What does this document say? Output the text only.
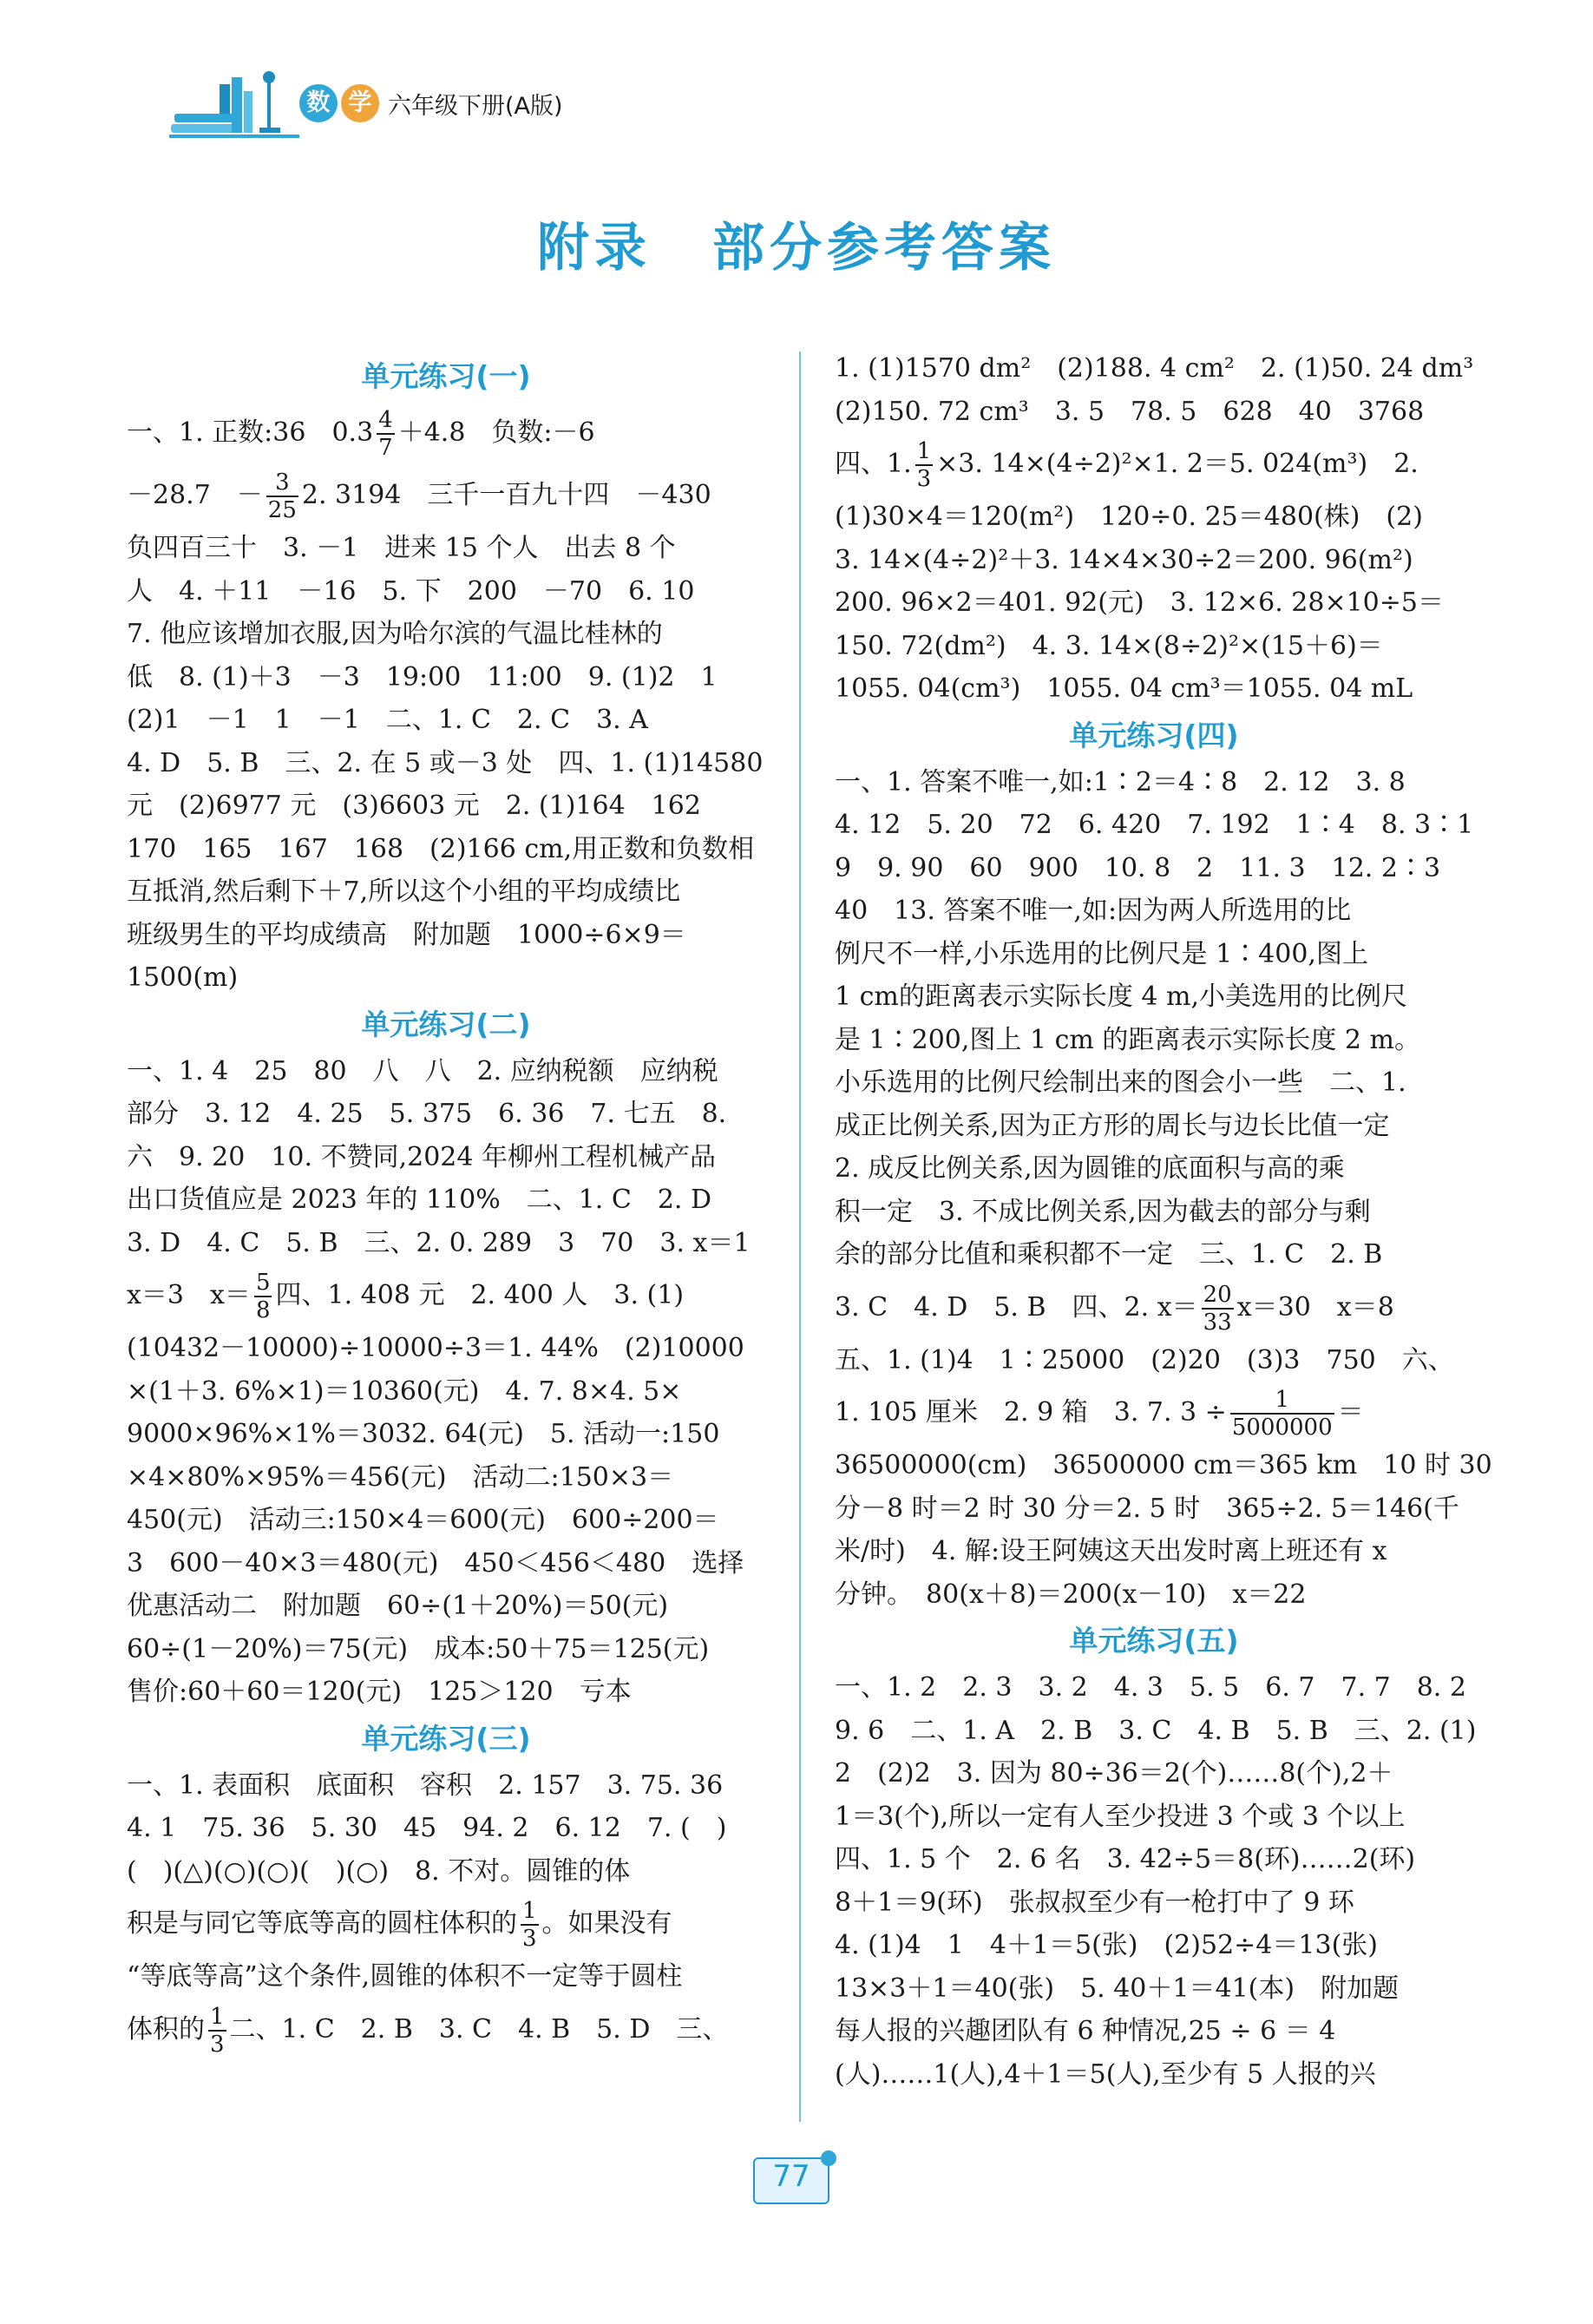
数 学 六年级下册(A版)
附录 部分参考答案
单元练习(一)
一、1. 正数:36　$0.3 \frac{4}{7} +4.8$　负数:－6
－28.7　－ $\frac{3}{25} 2$. 3194　三千一百九十四　－430
负四百三十　3. －1　进来 15 个人　出去 8 个
人　4. ＋11　－16　5. 下　200　－70　6. 10
7. 他应该增加衣服,因为哈尔滨的气温比桂林的
低　8. (1)＋3　－3　19:00　11:00　9. (1)2　1
(2)1　－1　1　－1　二、1. C　2. C　3. A
4. D　5. B　三、2. 在 5 或－3 处　四、1. (1)14580
元　(2)6977 元　(3)6603 元　2. (1)164　162
170　165　167　168　(2)166 cm,用正数和负数相
互抵消,然后剩下＋7,所以这个小组的平均成绩比
班级男生的平均成绩高　附加题　1000÷6×9＝
1500(m)
单元练习(二)
一、1. 4　25　80　八　八　2. 应纳税额　应纳税
部分　3. 12　4. 25　5. 375　6. 36　7. 七五　8.
六　9. 20　10. 不赞同,2024 年柳州工程机械产品
出口货值应是 2023 年的 110%　二、1. C　2. D
3. D　4. C　5. B　三、2. 0. 289　3　70　3. x＝1
x＝3　$x= \frac{5}{8}$ 四、1. 408 元　2. 400 人　3. (1)
(10432－10000)÷10000÷3＝1. 44%　(2)10000
×(1＋3. 6%×1)＝10360(元)　4. 7. 8×4. 5×
9000×96%×1%＝3032. 64(元)　5. 活动一:150
×4×80%×95%＝456(元)　活动二:150×3＝
450(元)　活动三:150×4＝600(元)　600÷200＝
3　600－40×3＝480(元)　450＜456＜480　选择
优惠活动二　附加题　60÷(1＋20%)＝50(元)
60÷(1－20%)＝75(元)　成本:50＋75＝125(元)
售价:60＋60＝120(元)　125＞120　亏本
单元练习(三)
一、1. 表面积　底面积　容积　2. 157　3. 75. 36
4. 1　75. 36　5. 30　45　94. 2　6. 12　7. (　)
(　)(△)(○)(○)(　)(○)　8. 不对。圆锥的体
积是与同它等底等高的圆柱体积的 $\frac{1}{3}$ 。如果没有
“等底等高”这个条件,圆锥的体积不一定等于圆柱
体积的 $\frac{1}{3}$ 二、1. C　2. B　3. C　4. B　5. D　三、
1. (1)1570 dm²　(2)188. 4 cm²　2. (1)50. 24 dm³
(2)150. 72 cm³　3. 5　78. 5　628　40　3768
四、1. $\frac{1}{3} \times 3$. 14×(4÷2)²×1. 2＝5. 024(m³)　2.
(1)30×4＝120(m²)　120÷0. 25＝480(株)　(2)
3. 14×(4÷2)²＋3. 14×4×30÷2＝200. 96(m²)
200. 96×2＝401. 92(元)　3. 12×6. 28×10÷5＝
150. 72(dm²)　4. 3. 14×(8÷2)²×(15＋6)＝
1055. 04(cm³)　1055. 04 cm³＝1055. 04 mL
单元练习(四)
一、1. 答案不唯一,如:1∶2＝4∶8　2. 12　3. 8
4. 12　5. 20　72　6. 420　7. 192　1∶4　8. 3∶1
9　9. 90　60　900　10. 8　2　11. 3　12. 2∶3
40　13. 答案不唯一,如:因为两人所选用的比
例尺不一样,小乐选用的比例尺是 1∶400,图上
1 cm的距离表示实际长度 4 m,小美选用的比例尺
是 1∶200,图上 1 cm 的距离表示实际长度 2 m。
小乐选用的比例尺绘制出来的图会小一些　二、1.
成正比例关系,因为正方形的周长与边长比值一定
2. 成反比例关系,因为圆锥的底面积与高的乘
积一定　3. 不成比例关系,因为截去的部分与剩
余的部分比值和乘积都不一定　三、1. C　2. B
3. C　4. D　5. B　四、2. $x= \frac{20}{33} x=30$　x＝8
五、1. (1)4　1∶25000　(2)20　(3)3　750　六、
1. 105 厘米　2. 9 箱　3. 7. $3 \div \frac{1}{5000000}$ ＝
36500000(cm)　36500000 cm＝365 km　10 时 30
分－8 时＝2 时 30 分＝2. 5 时　365÷2. 5＝146(千
米/时)　4. 解:设王阿姨这天出发时离上班还有 x
分钟。　80(x＋8)＝200(x－10)　x＝22
单元练习(五)
一、1. 2　2. 3　3. 2　4. 3　5. 5　6. 7　7. 7　8. 2
9. 6　二、1. A　2. B　3. C　4. B　5. B　三、2. (1)
2　(2)2　3. 因为 80÷36＝2(个)……8(个),2＋
1＝3(个),所以一定有人至少投进 3 个或 3 个以上
四、1. 5 个　2. 6 名　3. 42÷5＝8(环)……2(环)
8＋1＝9(环)　张叔叔至少有一枪打中了 9 环
4. (1)4　1　4＋1＝5(张)　(2)52÷4＝13(张)
13×3＋1＝40(张)　5. 40＋1＝41(本)　附加题
每人报的兴趣团队有 6 种情况,25 ÷ 6 ＝ 4
(人)……1(人),4＋1＝5(人),至少有 5 人报的兴
77
